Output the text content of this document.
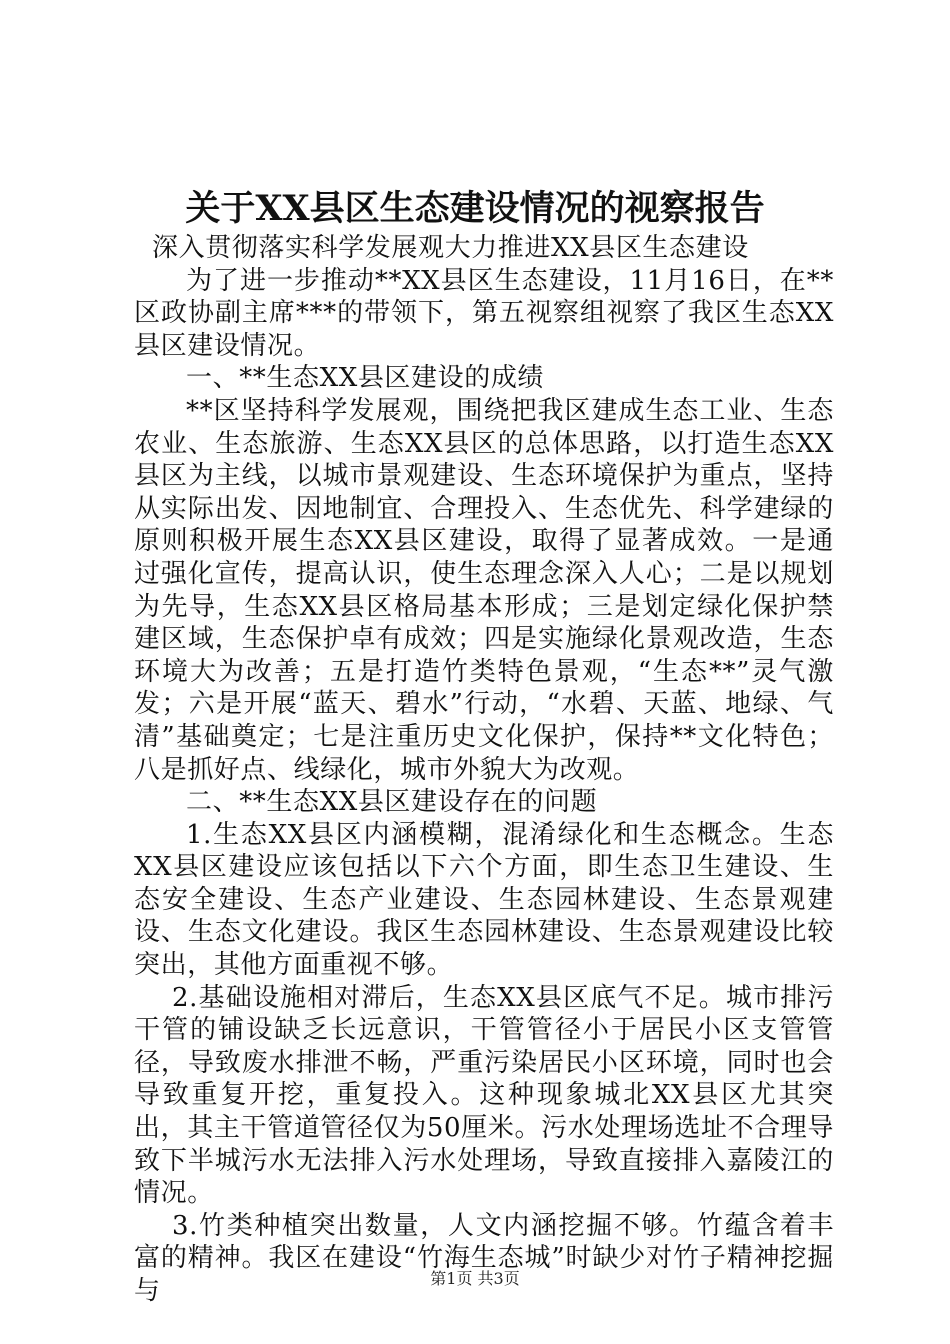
关于XX县区生态建设情况的视察报告

深入贯彻落实科学发展观大力推进XX县区生态建设

为了进一步推动**XX县区生态建设，11月16日，在**区政协副主席***的带领下，第五视察组视察了我区生态XX县区建设情况。

一、**生态XX县区建设的成绩

**区坚持科学发展观，围绕把我区建成生态工业、生态农业、生态旅游、生态XX县区的总体思路，以打造生态XX县区为主线，以城市景观建设、生态环境保护为重点，坚持从实际出发、因地制宜、合理投入、生态优先、科学建绿的原则积极开展生态XX县区建设，取得了显著成效。一是通过强化宣传，提高认识，使生态理念深入人心；二是以规划为先导，生态XX县区格局基本形成；三是划定绿化保护禁建区域，生态保护卓有成效；四是实施绿化景观改造，生态环境大为改善；五是打造竹类特色景观，“生态**”灵气激发；六是开展“蓝天、碧水”行动，“水碧、天蓝、地绿、气清”基础奠定；七是注重历史文化保护，保持**文化特色；八是抓好点、线绿化，城市外貌大为改观。

二、**生态XX县区建设存在的问题

1.生态XX县区内涵模糊，混淆绿化和生态概念。生态XX县区建设应该包括以下六个方面，即生态卫生建设、生态安全建设、生态产业建设、生态园林建设、生态景观建设、生态文化建设。我区生态园林建设、生态景观建设比较突出，其他方面重视不够。

2.基础设施相对滞后，生态XX县区底气不足。城市排污干管的铺设缺乏长远意识，干管管径小于居民小区支管管径，导致废水排泄不畅，严重污染居民小区环境，同时也会导致重复开挖，重复投入。这种现象城北XX县区尤其突出，其主干管道管径仅为50厘米。污水处理场选址不合理导致下半城污水无法排入污水处理场，导致直接排入嘉陵江的情况。

3.竹类种植突出数量，人文内涵挖掘不够。竹蕴含着丰富的精神。我区在建设“竹海生态城”时缺少对竹子精神挖掘与	第1页 共3页
